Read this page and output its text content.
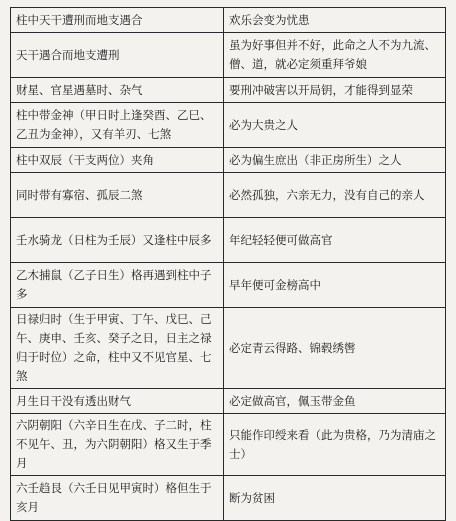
柱中天干遭刑而地支遇合	欢乐会变为忧患
天干遇合而地支遭刑	虽为好事但并不好，此命之人不为九流、僧、道，就必定须重拜爷娘
财星、官星遇墓时、杂气	要刑冲破害以开局钥，才能得到显荣
柱中带金神（甲日时上逢癸酉、乙巳、乙丑为金神），又有羊刃、七煞	必为大贵之人
柱中双辰（干支两位）夹角	必为偏生庶出（非正房所生）之人
同时带有寡宿、孤辰二煞	必然孤独，六亲无力，没有自己的亲人
壬水骑龙（日柱为壬辰）又逢柱中辰多	年纪轻轻便可做高官
乙木捕鼠（乙子日生）格再遇到柱中子多	早年便可金榜高中
日禄归时（生于甲寅、丁午、戊巳、己午、庚申、壬亥、癸子之日，日主之禄归于时位）之命，柱中又不见官星、七煞	必定青云得路、锦毂绣辔
月生日干没有透出财气	必定做高官，佩玉带金鱼
六阴朝阳（六辛日生在戊、子二时，柱不见午、丑，为六阴朝阳）格又生于季月	只能作印绶来看（此为贵格，乃为清庙之士）
六壬趋艮（六壬日见甲寅时）格但生于亥月	断为贫困
